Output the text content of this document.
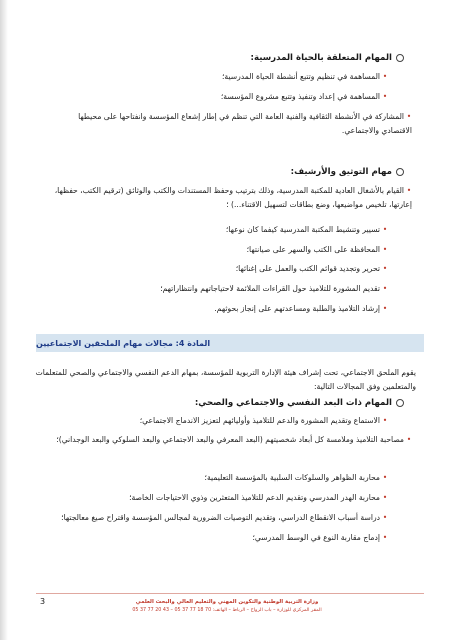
المهام المتعلقة بالحياة المدرسية:
•المساهمة في تنظيم وتتبع أنشطة الحياة المدرسية؛
•المساهمة في إعداد وتنفيذ وتتبع مشروع المؤسسة؛
•المشاركة في الأنشطة الثقافية والفنية العامة التي تنظم في إطار إشعاع المؤسسة وانفتاحها على محيطها الاقتصادي والاجتماعي.
مهام التوثيق والأرشيف:
•القيام بالأشغال العادية للمكتبة المدرسية، وذلك بترتيب وحفظ المستندات والكتب والوثائق (ترقيم الكتب، حفظها، إعارتها، تلخيص مواضيعها، وضع بطاقات لتسهيل الاقتناء...) ؛
•تسيير وتنشيط المكتبة المدرسية كيفما كان نوعها؛
•المحافظة على الكتب والسهر على صيانتها؛
•تحرير وتجديد قوائم الكتب والعمل على إغنائها؛
•تقديم المشورة للتلاميذ حول القراءات الملائمة لاحتياجاتهم وانتظاراتهم؛
•إرشاد التلاميذ والطلبة ومساعدتهم على إنجاز بحوثهم.
المادة 4: مجالات مهام الملحقين الاجتماعيين
يقوم الملحق الاجتماعي، تحت إشراف هيئة الإدارة التربوية للمؤسسة، بمهام الدعم النفسي والاجتماعي والصحي للمتعلمات والمتعلمين وفق المجالات التالية:
المهام ذات البعد النفسي والاجتماعي والصحي:
•الاستماع وتقديم المشورة والدعم للتلاميذ وأوليائهم لتعزيز الاندماج الاجتماعي؛
•مصاحبة التلاميذ وملامسة كل أبعاد شخصيتهم (البعد المعرفي والبعد الاجتماعي والبعد السلوكي والبعد الوجداني)؛
•محاربة الظواهر والسلوكات السلبية بالمؤسسة التعليمية؛
•محاربة الهدر المدرسي وتقديم الدعم للتلاميذ المتعثرين وذوي الاحتياجات الخاصة؛
•دراسة أسباب الانقطاع الدراسي، وتقديم التوصيات الضرورية لمجالس المؤسسة واقتراح صيغ معالجتها؛
•إدماج مقاربة النوع في الوسط المدرسي؛
3	وزارة التربية الوطنية والتكوين المهني والتعليم العالي والبحث العلمي
المقر المركزي للوزارة – باب الرواح – الرباط – الهاتف: 70 18 77 37 05 – 43 20 77 37 05
